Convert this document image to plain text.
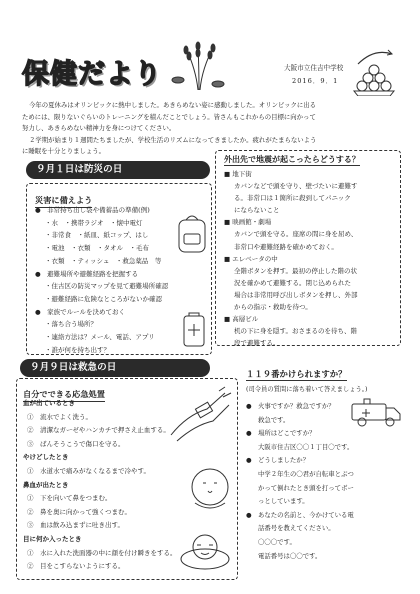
保健だより	大阪市立住吉中学校
2016．9．1

今年の夏休みはオリンピックに熱中しました。あきらめない姿に感動しました。オリンピックに出る

ためには、限りないぐらいのトレーニングを積んだことでしょう。皆さんもこれからの目標に向かって
努力し、あきらめない精神力を身につけてください。

２学期が始まり１週間たちましたが、学校生活のリズムになってきましたか。疲れがたまらないよう

に睡眠を十分とりましょう。
９月１日は防災の日
災害に備えよう
●　非常持ち出し袋や備蓄品の準備(例)
・水　・携帯ラジオ　・懐中電灯
・非常食　・紙皿、紙コップ、はし
・電池　・衣類　・タオル　・毛布
・衣類　・ティッシュ　・救急薬品　等
●　避難場所や避難経路を把握する
・住古区の防災マップを見て避難場所確認
・避難経路に危険なところがないか確認
●　家族でルールを決めておく
・落ち合う場所？
・連絡方法は？メール、電話、アプリ
・誰が何を持ち出す？
外出先で地震が起こったらどうする？
■ 地下街
カバンなどで頭を守り、壁づたいに避難す
る。非常口は１箇所に殺到してパニック
にならないこと
■ 映画館・劇場
カバンで頭を守る。座席の間に身を屈め、
非常口や避難経路を確かめておく。
■ エレベータの中
全階ボタンを押す。最初の停止した階の状
況を確かめて避難する。閉じ込められた
場合は非常用呼び出しボタンを押し、外部
からの指示・救助を待つ。
■ 高層ビル
机の下に身を隠す。おさまるのを待ち、階
段で避難する。
９月９日は救急の日
自分でできる応急処置
血が出ているとき
①　流水でよく洗う。
②　清潔なガーゼやハンカチで押さえ止血する。
③　ばんそうこうで傷口を守る。
やけどしたとき
①　水道水で痛みがなくなるまで冷やす。
鼻血が出たとき
①　下を向いて鼻をつまむ。
②　鼻を奥に向かって強くつまむ。
③　血は飲み込まずに吐き出す。
目に何か入ったとき
①　水に入れた洗面器の中に顔を付け瞬きをする。
②　目をこすらないようにする。
１１９番かけられますか？
(司令員の質問に落ち着いて答えましょう。)
●　火事ですか？救急ですか？
救急です。
●　場所はどこですか？
大阪市住吉区〇〇１丁目〇です。
●　どうしましたか？
中学２年生の〇君が自転車とぶつ
かって倒れたとき頭を打ってボー
っとしています。
●　あなたの名前と、今かけている電
話番号を教えてください。
〇〇〇です。
電話番号は〇〇です。
